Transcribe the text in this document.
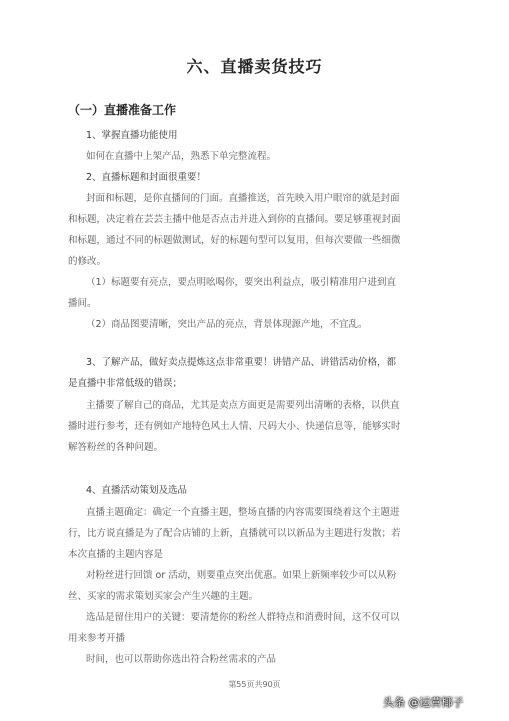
六、直播卖货技巧
（一）直播准备工作
1、掌握直播功能使用
如何在直播中上架产品，熟悉下单完整流程。
2、直播标题和封面很重要！
封面和标题，是你直播间的门面。直播推送，首先映入用户眼帘的就是封面
和标题，决定着在芸芸主播中他是否点击并进入到你的直播间。要足够重视封面
和标题，通过不同的标题做测试，好的标题句型可以复用，但每次要做一些细微
的修改。
（1）标题要有亮点，要点明吆喝你，要突出利益点，吸引精准用户进到直
播间。
（2）商品图要清晰，突出产品的亮点，背景体现源产地，不宜乱。
3、了解产品，做好卖点提炼这点非常重要！讲错产品、讲错活动价格，都
是直播中非常低级的错误；
主播要了解自己的商品，尤其是卖点方面更是需要列出清晰的表格，以供直
播时进行参考，还有例如产地特色风土人情、尺码大小、快递信息等，能够实时
解答粉丝的各种问题。
4、直播活动策划及选品
直播主题确定：确定一个直播主题，整场直播的内容需要围绕着这个主题进
行，比方说直播是为了配合店铺的上新，直播就可以以新品为主题进行发散；若
本次直播的主题内容是
对粉丝进行回馈 or 活动，则要重点突出优惠。如果上新频率较少可以从粉
丝、买家的需求策划买家会产生兴趣的主题。
选品是留住用户的关键：要清楚你的粉丝人群特点和消费时间，这不仅可以
用来参考开播
时间，也可以帮助你选出符合粉丝需求的产品
第55页共90页
头条 @运营椰子
